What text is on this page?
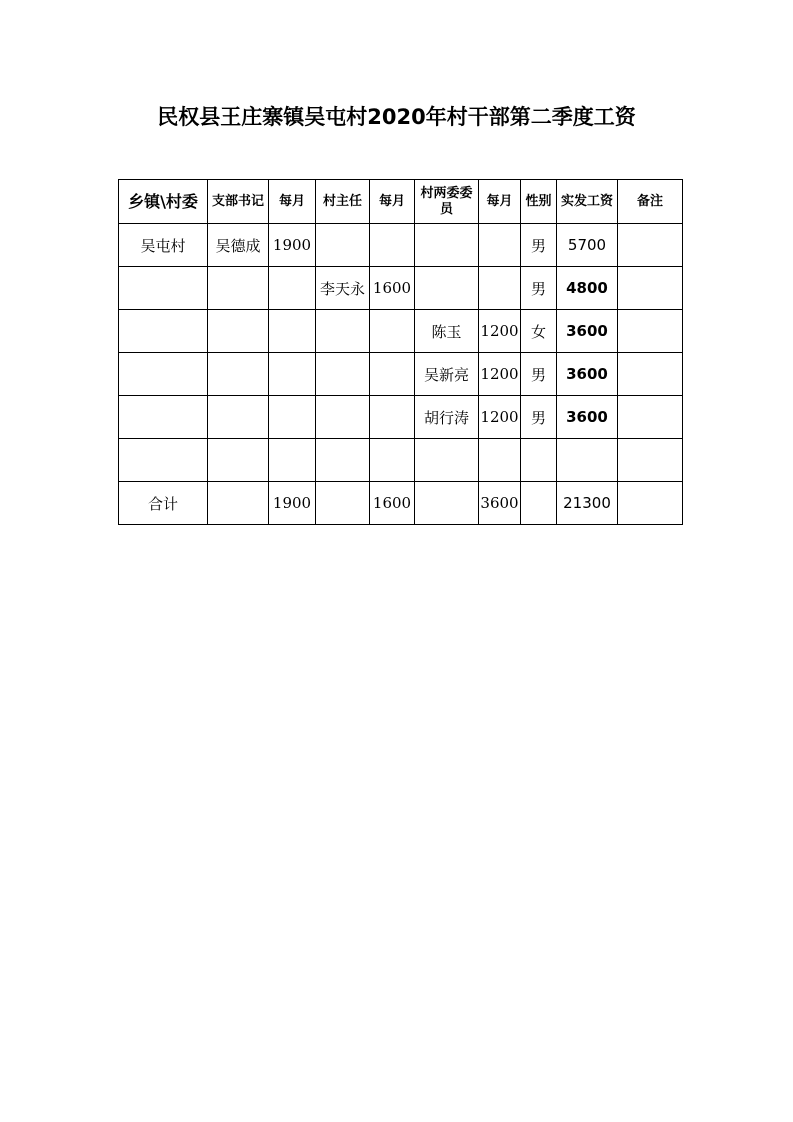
民权县王庄寨镇吴屯村2020年村干部第二季度工资
乡镇\村委	支部书记	每月	村主任	每月	村两委委员	每月	性别	实发工资	备注
吴屯村	吴德成	1900					男	5700	
			李天永	1600			男	4800	
					陈玉	1200	女	3600	
					吴新亮	1200	男	3600	
					胡行涛	1200	男	3600	

合计		1900		1600		3600		21300	
